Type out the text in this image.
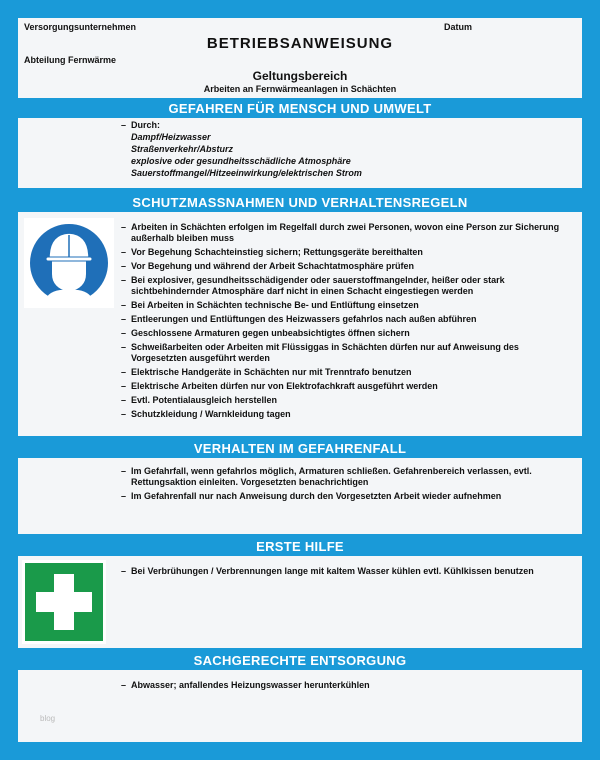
Versorgungsunternehmen	Datum
BETRIEBSANWEISUNG
Abteilung Fernwärme
Geltungsbereich
Arbeiten an Fernwärmeanlagen in Schächten
GEFAHREN FÜR MENSCH UND UMWELT
– Durch:
Dampf/Heizwasser
Straßenverkehr/Absturz
explosive oder gesundheitsschädliche Atmosphäre
Sauerstoffmangel/Hitzeeinwirkung/elektrischen Strom
SCHUTZMASSNAHMEN UND VERHALTENSREGELN
– Arbeiten in Schächten erfolgen im Regelfall durch zwei Personen, wovon eine Person zur Sicherung außerhalb bleiben muss
– Vor Begehung Schachteinstieg sichern; Rettungsgeräte bereithalten
– Vor Begehung und während der Arbeit Schachtatmosphäre prüfen
– Bei explosiver, gesundheitsschädigender oder sauerstoffmangelnder, heißer oder stark sichtbehindernder Atmosphäre darf nicht in einen Schacht eingestiegen werden
– Bei Arbeiten in Schächten technische Be- und Entlüftung einsetzen
– Entleerungen und Entlüftungen des Heizwassers gefahrlos nach außen abführen
– Geschlossene Armaturen gegen unbeabsichtigtes öffnen sichern
– Schweißarbeiten oder Arbeiten mit Flüssiggas in Schächten dürfen nur auf Anweisung des Vorgesetzten ausgeführt werden
– Elektrische Handgeräte in Schächten nur mit Trenntrafo benutzen
– Elektrische Arbeiten dürfen nur von Elektrofachkraft ausgeführt werden
– Evtl. Potentialausgleich herstellen
– Schutzkleidung / Warnkleidung tagen
VERHALTEN IM GEFAHRENFALL
– Im Gefahrfall, wenn gefahrlos möglich, Armaturen schließen. Gefahrenbereich verlassen, evtl. Rettungsaktion einleiten. Vorgesetzten benachrichtigen
– Im Gefahrenfall nur nach Anweisung durch den Vorgesetzten Arbeit wieder aufnehmen
ERSTE HILFE
– Bei Verbrühungen / Verbrennungen lange mit kaltem Wasser kühlen evtl. Kühlkissen benutzen
SACHGERECHTE ENTSORGUNG
– Abwasser; anfallendes Heizungswasser herunterkühlen
blog
